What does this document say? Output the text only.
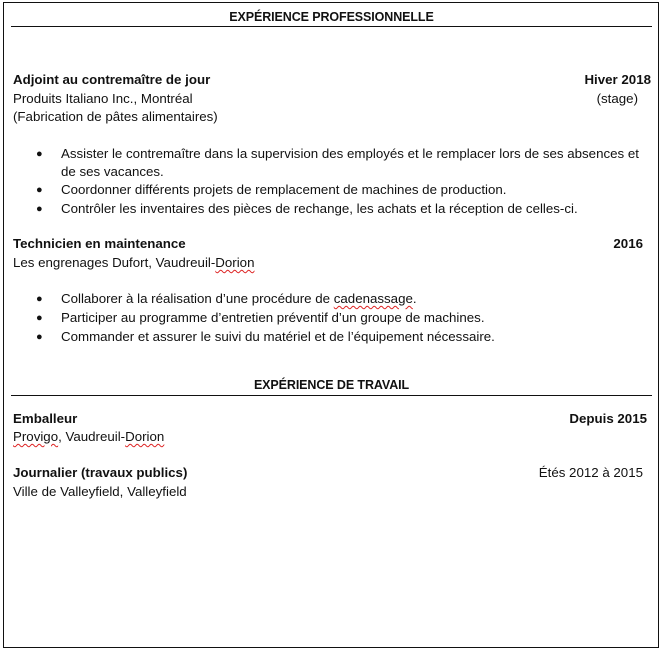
EXPÉRIENCE PROFESSIONNELLE
Adjoint au contremaître de jour	Hiver 2018
(stage)
Produits Italiano Inc., Montréal
(Fabrication de pâtes alimentaires)
● Assister le contremaître dans la supervision des employés et le remplacer lors de ses absences et
de ses vacances.
● Coordonner différents projets de remplacement de machines de production.
● Contrôler les inventaires des pièces de rechange, les achats et la réception de celles-ci.
Technicien en maintenance	2016
Les engrenages Dufort, Vaudreuil-Dorion
● Collaborer à la réalisation d’une procédure de cadenassage.
● Participer au programme d’entretien préventif d’un groupe de machines.
● Commander et assurer le suivi du matériel et de l’équipement nécessaire.
EXPÉRIENCE DE TRAVAIL
Emballeur	Depuis 2015
Provigo, Vaudreuil-Dorion
Journalier (travaux publics)	Étés 2012 à 2015
Ville de Valleyfield, Valleyfield
